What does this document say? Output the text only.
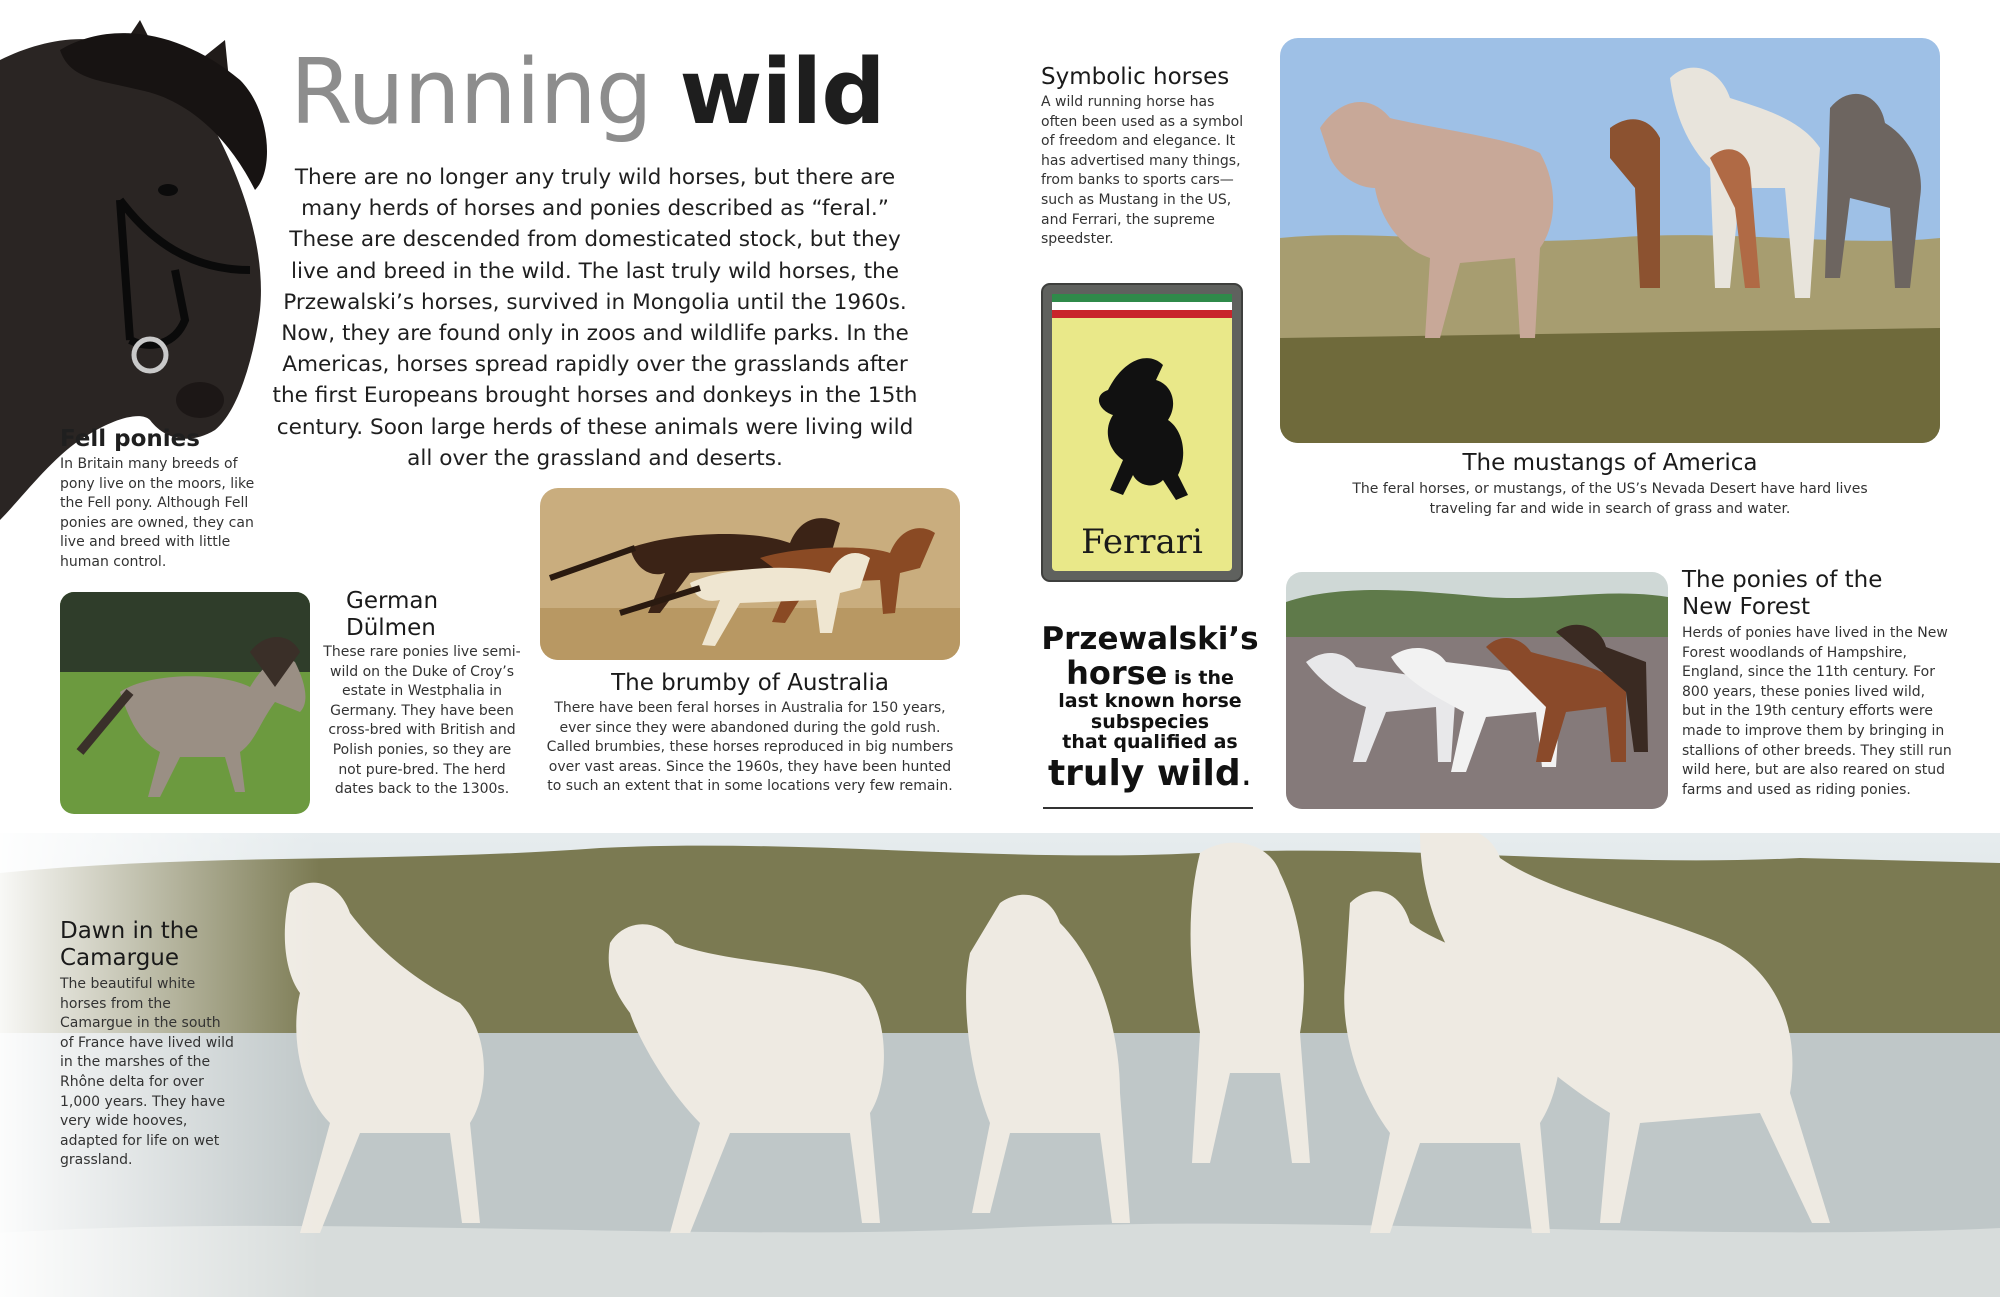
Running wild
There are no longer any truly wild horses, but there are many herds of horses and ponies described as “feral.” These are descended from domesticated stock, but they live and breed in the wild. The last truly wild horses, the Przewalski’s horses, survived in Mongolia until the 1960s. Now, they are found only in zoos and wildlife parks. In the Americas, horses spread rapidly over the grasslands after the first Europeans brought horses and donkeys in the 15th century. Soon large herds of these animals were living wild all over the grassland and deserts.
Fell ponies
In Britain many breeds of pony live on the moors, like the Fell pony. Although Fell ponies are owned, they can live and breed with little human control.
German
Dülmen
These rare ponies live semi-wild on the Duke of Croy’s estate in Westphalia in Germany. They have been cross-bred with British and Polish ponies, so they are not pure-bred. The herd dates back to the 1300s.
The brumby of Australia
There have been feral horses in Australia for 150 years, ever since they were abandoned during the gold rush. Called brumbies, these horses reproduced in big numbers over vast areas. Since the 1960s, they have been hunted to such an extent that in some locations very few remain.
Symbolic horses
A wild running horse has often been used as a symbol of freedom and elegance. It has advertised many things, from banks to sports cars—such as Mustang in the US, and Ferrari, the supreme speedster.
Ferrari
Przewalski’s
horse is the
last known horse
subspecies
that qualified as
truly wild.
The mustangs of America
The feral horses, or mustangs, of the US’s Nevada Desert have hard lives traveling far and wide in search of grass and water.
The ponies of the
New Forest
Herds of ponies have lived in the New Forest woodlands of Hampshire, England, since the 11th century. For 800 years, these ponies lived wild, but in the 19th century efforts were made to improve them by bringing in stallions of other breeds. They still run wild here, but are also reared on stud farms and used as riding ponies.
Dawn in the
Camargue
The beautiful white horses from the Camargue in the south of France have lived wild in the marshes of the Rhône delta for over 1,000 years. They have very wide hooves, adapted for life on wet grassland.
